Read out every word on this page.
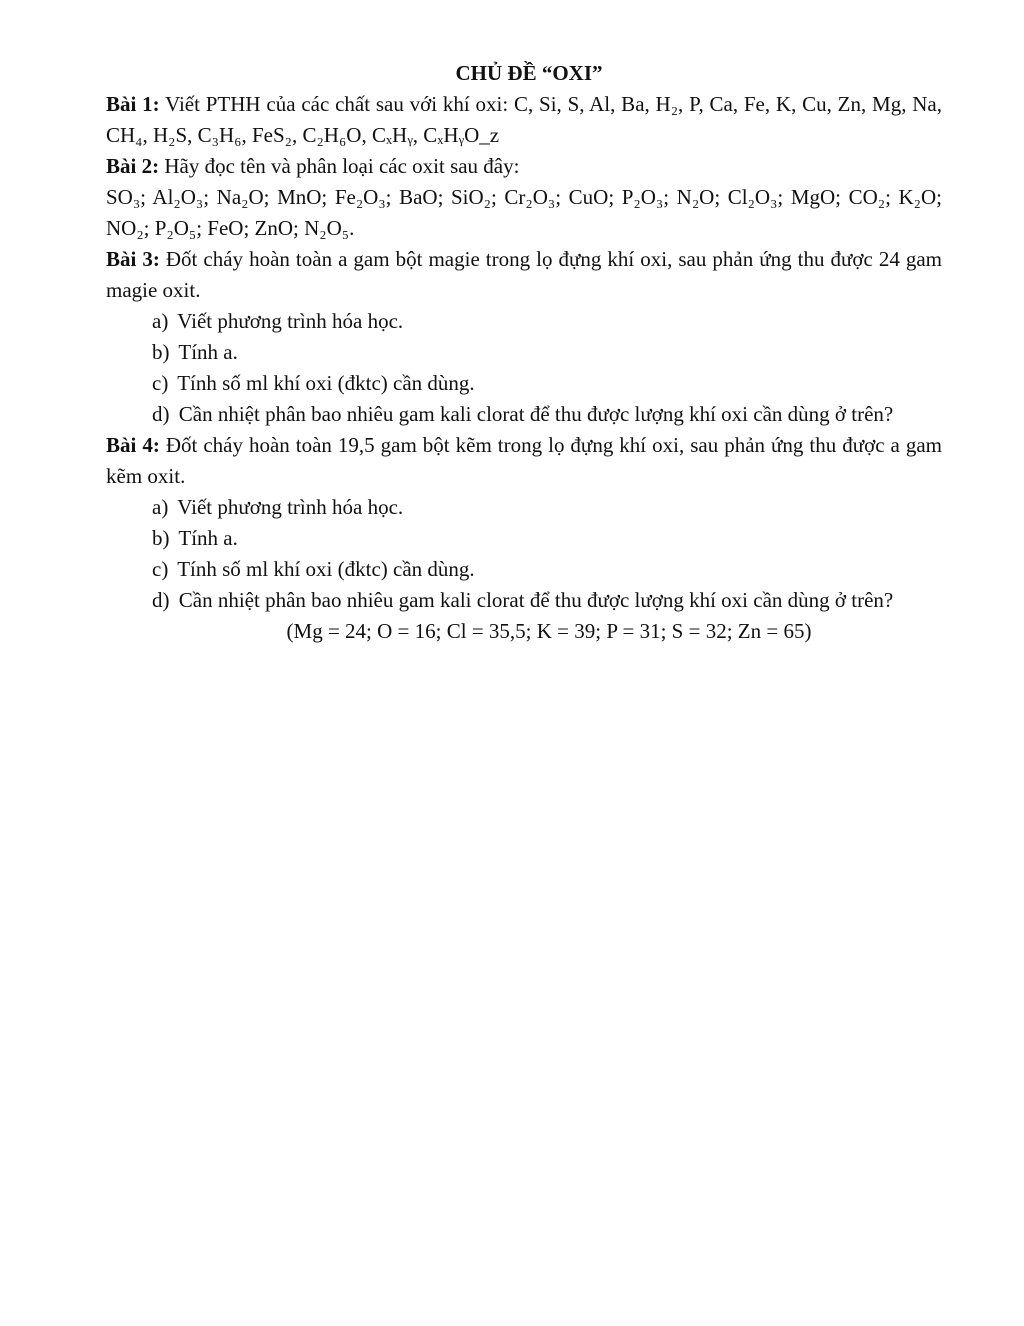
CHỦ ĐỀ “OXI”

Bài 1: Viết PTHH của các chất sau với khí oxi: C, Si, S, Al, Ba, H₂, P, Ca, Fe, K, Cu, Zn, Mg, Na, CH₄, H₂S, C₃H₆, FeS₂, C₂H₆O, CₓHᵧ, CₓHᵧO_z

Bài 2: Hãy đọc tên và phân loại các oxit sau đây:

SO₃; Al₂O₃; Na₂O; MnO; Fe₂O₃; BaO; SiO₂; Cr₂O₃; CuO; P₂O₃; N₂O; Cl₂O₃; MgO; CO₂; K₂O; NO₂; P₂O₅; FeO; ZnO; N₂O₅.

Bài 3: Đốt cháy hoàn toàn a gam bột magie trong lọ đựng khí oxi, sau phản ứng thu được 24 gam magie oxit.

a) Viết phương trình hóa học.

b) Tính a.

c) Tính số ml khí oxi (đktc) cần dùng.

d) Cần nhiệt phân bao nhiêu gam kali clorat để thu được lượng khí oxi cần dùng ở trên?

Bài 4: Đốt cháy hoàn toàn 19,5 gam bột kẽm trong lọ đựng khí oxi, sau phản ứng thu được a gam kẽm oxit.

a) Viết phương trình hóa học.

b) Tính a.

c) Tính số ml khí oxi (đktc) cần dùng.

d) Cần nhiệt phân bao nhiêu gam kali clorat để thu được lượng khí oxi cần dùng ở trên?

(Mg = 24; O = 16; Cl = 35,5; K = 39; P = 31; S = 32; Zn = 65)
